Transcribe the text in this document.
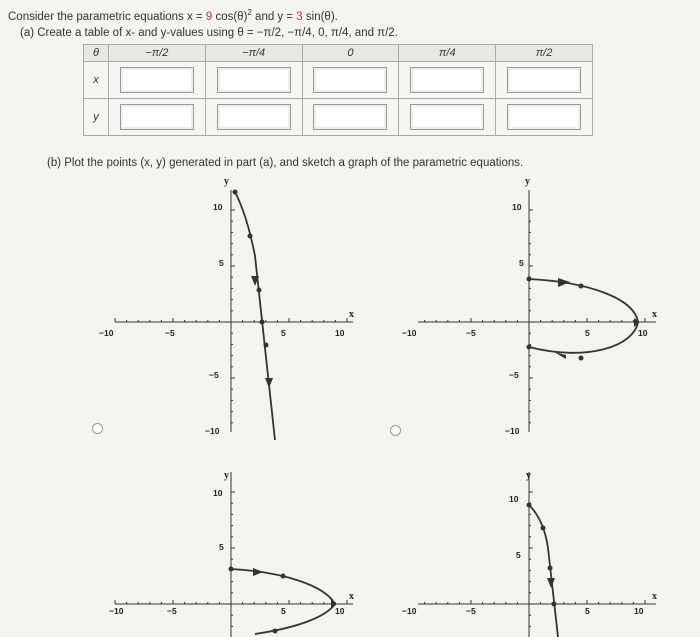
Consider the parametric equations x = 9 $\cos(\theta)^2$ and y = 3 sin(θ).
(a) Create a table of x- and y-values using θ = −π/2, −π/4, 0, π/4, and π/2.
θ	−π/2	−π/4	0	π/4	π/2
x					
y					
(b) Plot the points (x, y) generated in part (a), and sketch a graph of the parametric equations.
x
y
−10	−5	5	10
10
5
−5
−10
x
y
−10	−5	5	10
10
5
−5
−10
x
y
−10	−5	5	10
10
5
x
y
−10	−5	5	10
10
5
